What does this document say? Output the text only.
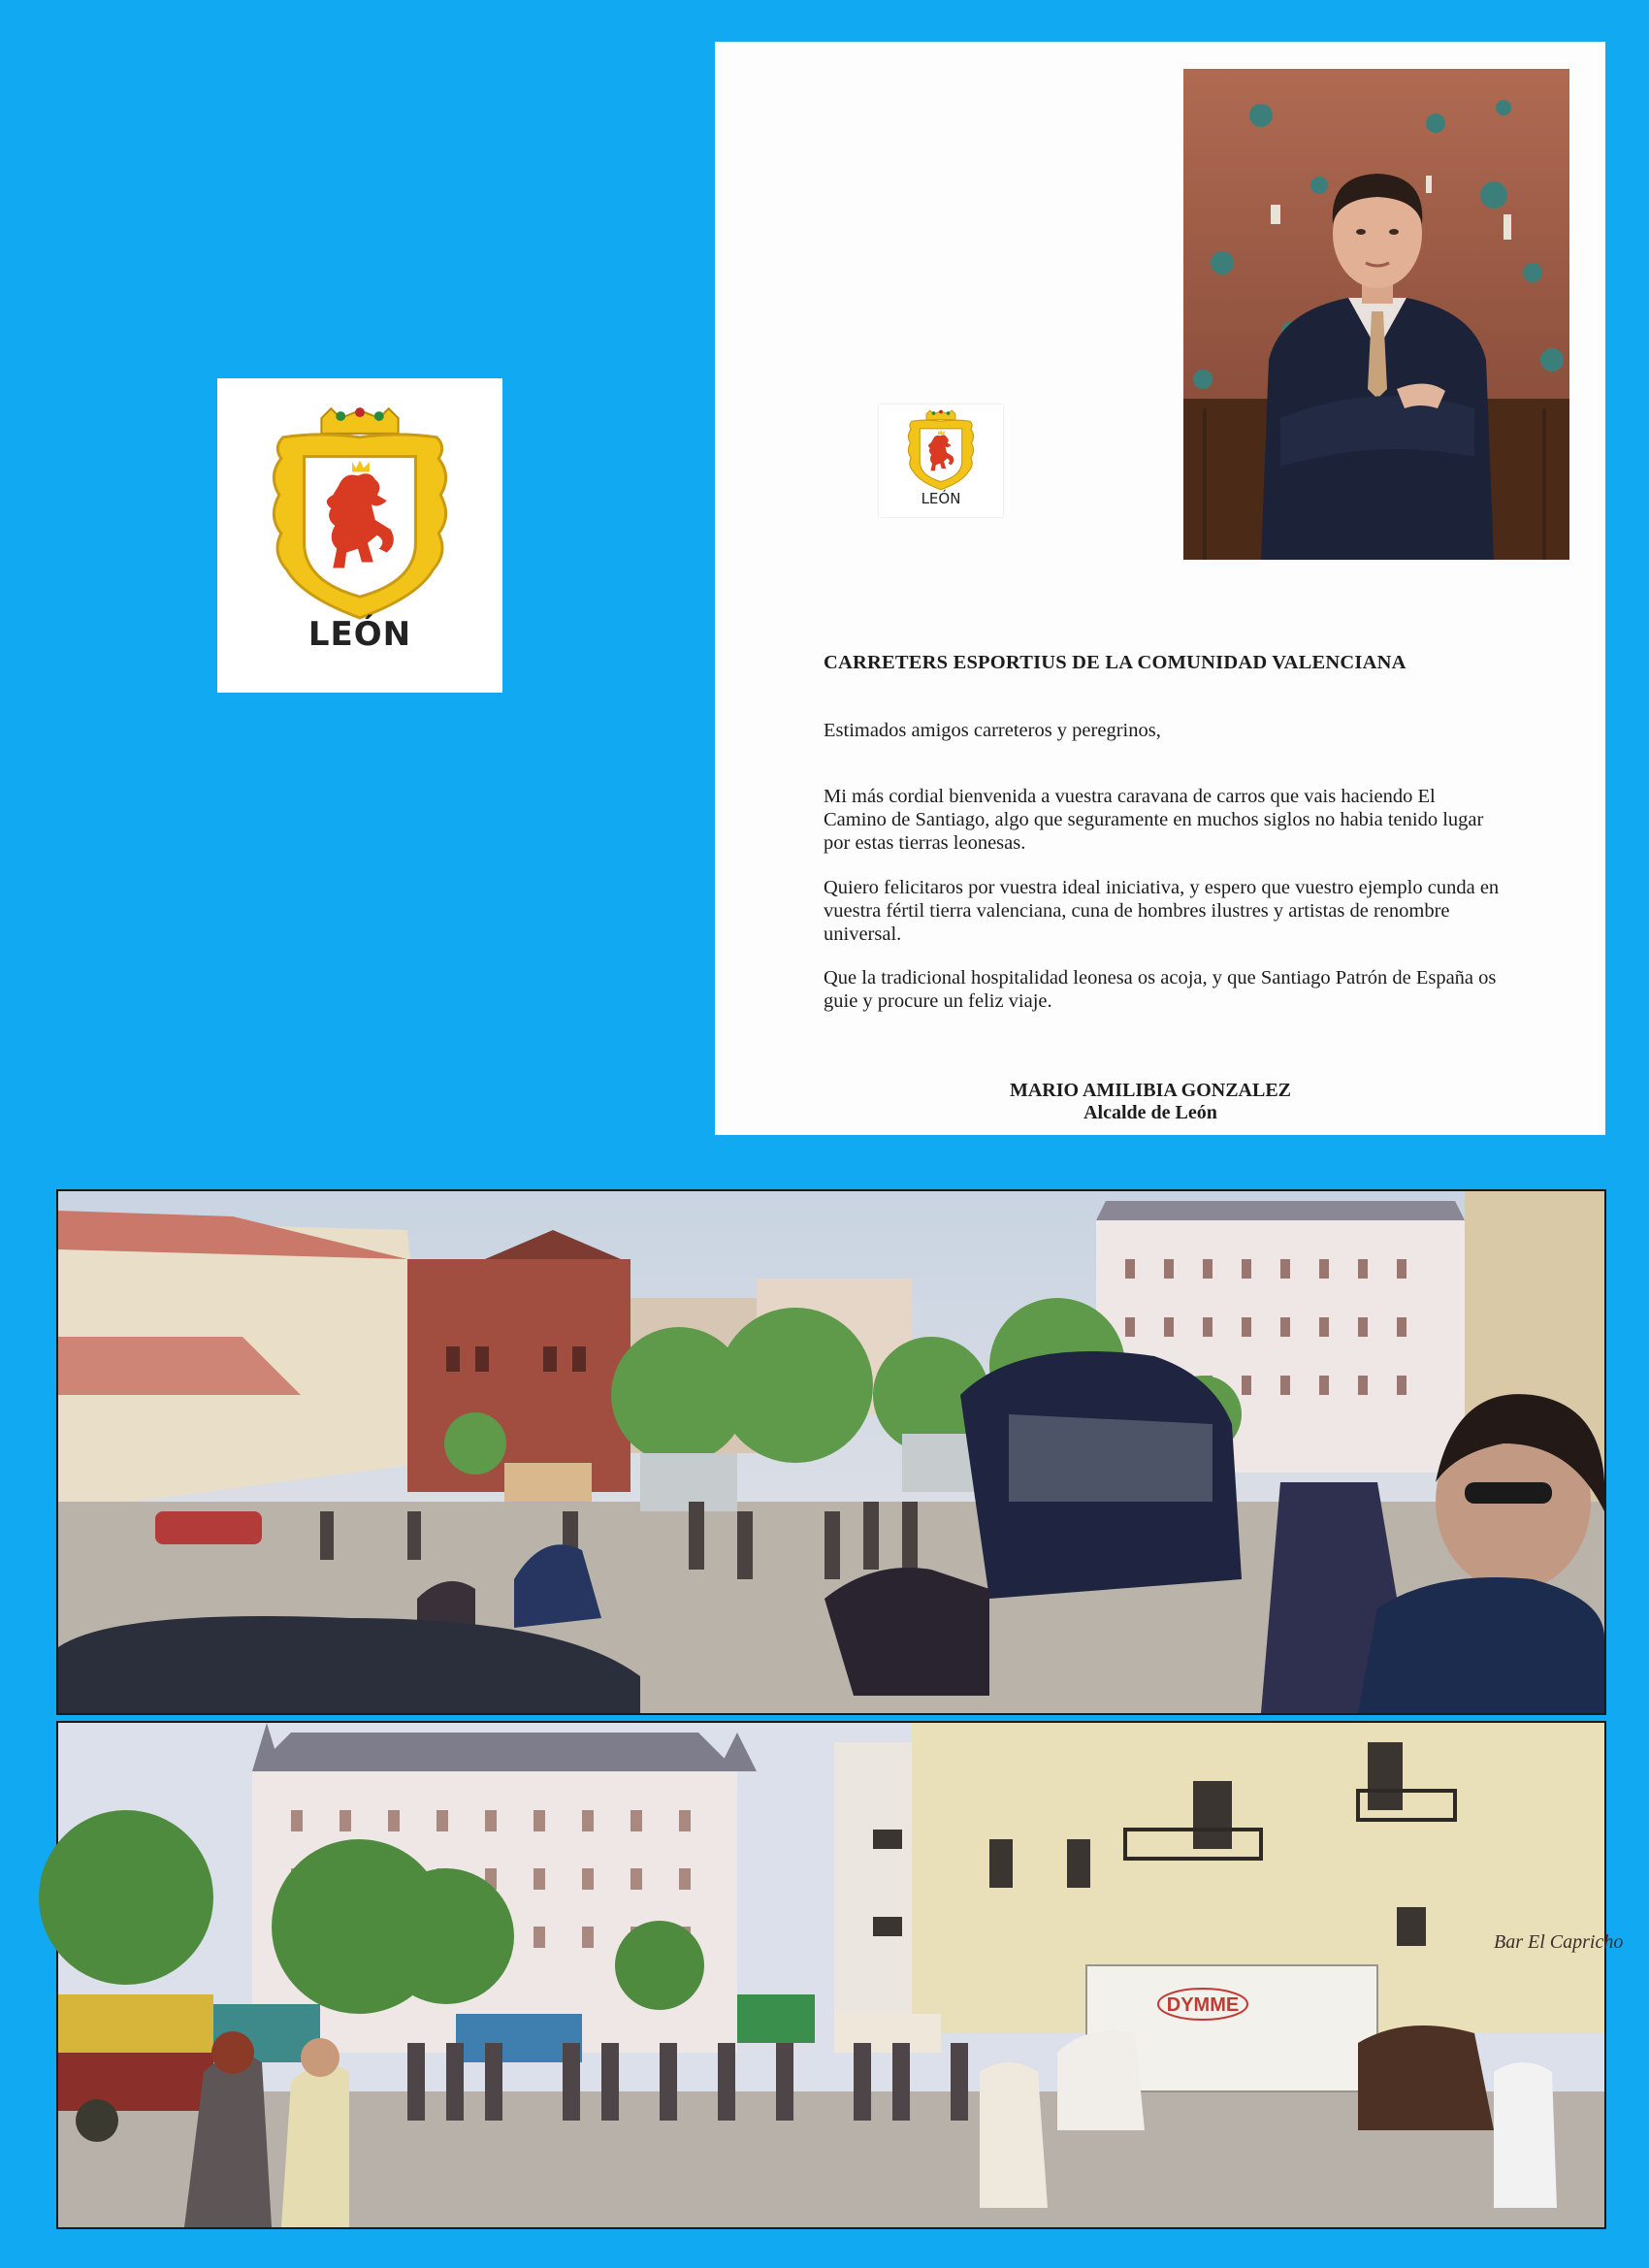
LEÓN
LEÓN
CARRETERS ESPORTIUS DE LA COMUNIDAD VALENCIANA
Estimados amigos carreteros y peregrinos,
Mi más cordial bienvenida a vuestra caravana de carros que vais haciendo El Camino de Santiago, algo que seguramente en muchos siglos no habia tenido lugar por estas tierras leonesas.
Quiero felicitaros por vuestra ideal iniciativa, y espero que vuestro ejemplo cunda en vuestra fértil tierra valenciana, cuna de hombres ilustres y artistas de renombre universal.
Que la tradicional hospitalidad leonesa os acoja, y que Santiago Patrón de España os guie y procure un feliz viaje.
MARIO AMILIBIA GONZALEZ
Alcalde de León
Bar El Capricho
DYMME
